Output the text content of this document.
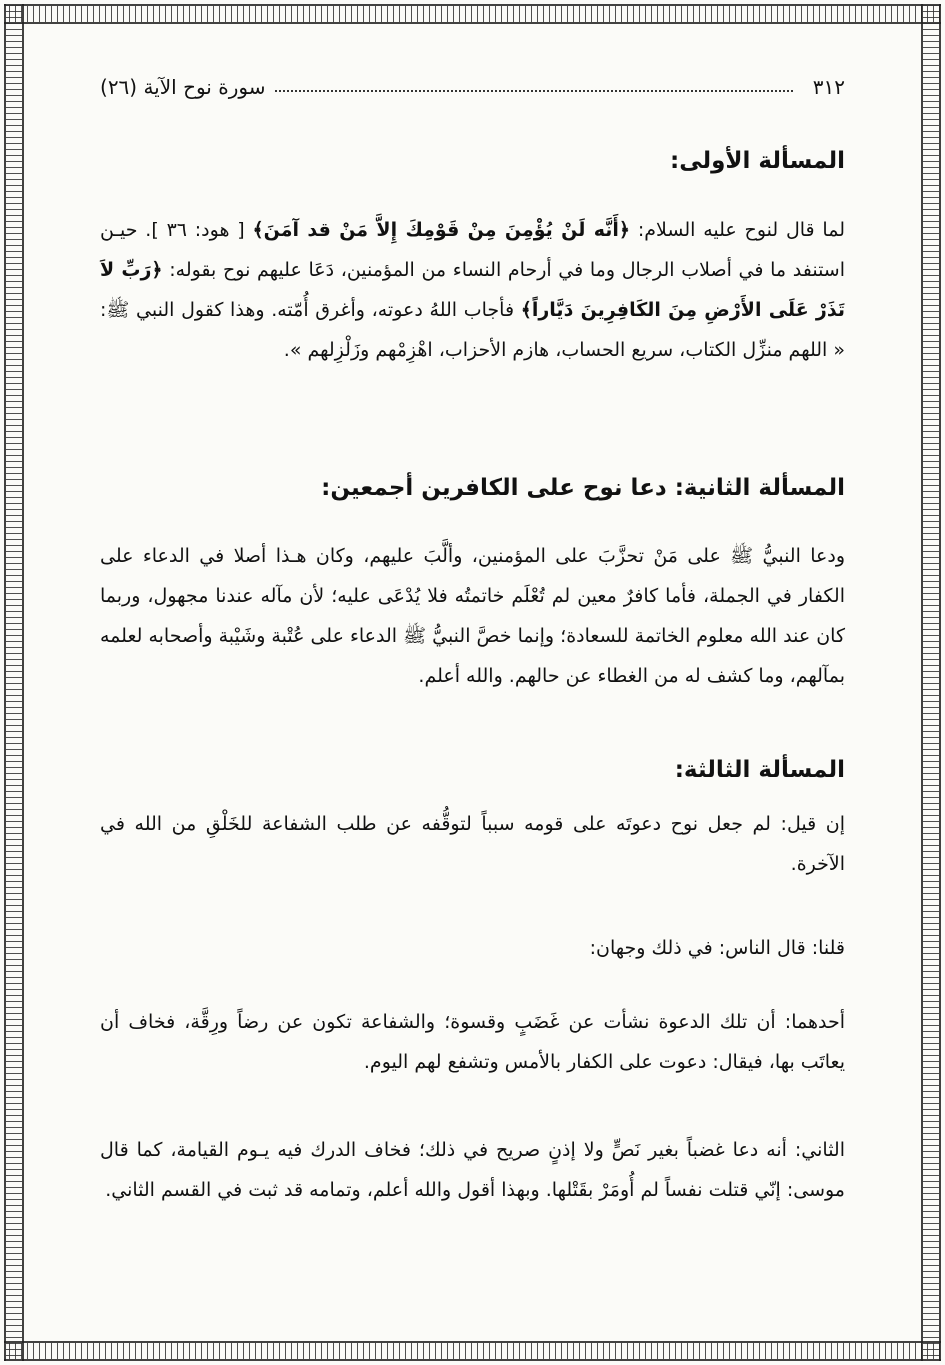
٣١٢
سورة نوح الآية (٢٦)
المسألة الأولى:
لما قال لنوح عليه السلام: ﴿أَنَّه لَنْ يُؤْمِنَ مِنْ قَوْمِكَ إِلاَّ مَنْ قد آمَنَ﴾ [ هود: ٣٦ ]. حيـن استنفد ما في أصلاب الرجال وما في أرحام النساء من المؤمنين، دَعَا عليهم نوح بقوله: ﴿رَبِّ لاَ تَذَرْ عَلَى الأَرْضِ مِنَ الكَافِرِينَ دَيَّاراً﴾ فأجاب اللهُ دعوته، وأغرق أُمّته. وهذا كقول النبي ﷺ: « اللهم منزِّل الكتاب، سريع الحساب، هازم الأحزاب، اهْزِمْهم وزَلْزِلهم ».
المسألة الثانية: دعا نوح على الكافرين أجمعين:
ودعا النبيُّ ﷺ على مَنْ تحزَّبَ على المؤمنين، وألَّبَ عليهم، وكان هـذا أصلا في الدعاء على الكفار في الجملة، فأما كافرٌ معين لم تُعْلَم خاتمتُه فلا يُدْعَى عليه؛ لأن مآله عندنا مجهول، وربما كان عند الله معلوم الخاتمة للسعادة؛ وإنما خصَّ النبيُّ ﷺ الدعاء على عُتْبة وشَيْبة وأصحابه لعلمه بمآلهم، وما كشف له من الغطاء عن حالهم. والله أعلم.
المسألة الثالثة:
إن قيل: لم جعل نوح دعوتَه على قومه سبباً لتوقُّفه عن طلب الشفاعة للخَلْقِ من الله في الآخرة.
قلنا: قال الناس: في ذلك وجهان:
أحدهما: أن تلك الدعوة نشأت عن غَضَبٍ وقسوة؛ والشفاعة تكون عن رضاً ورِقَّة، فخاف أن يعاتَب بها، فيقال: دعوت على الكفار بالأمس وتشفع لهم اليوم.
الثاني: أنه دعا غضباً بغير نَصٍّ ولا إذنٍ صريح في ذلك؛ فخاف الدرك فيه يـوم القيامة، كما قال موسى: إنّي قتلت نفساً لم أُومَرْ بقَتْلها. وبهذا أقول والله أعلم، وتمامه قد ثبت في القسم الثاني.
